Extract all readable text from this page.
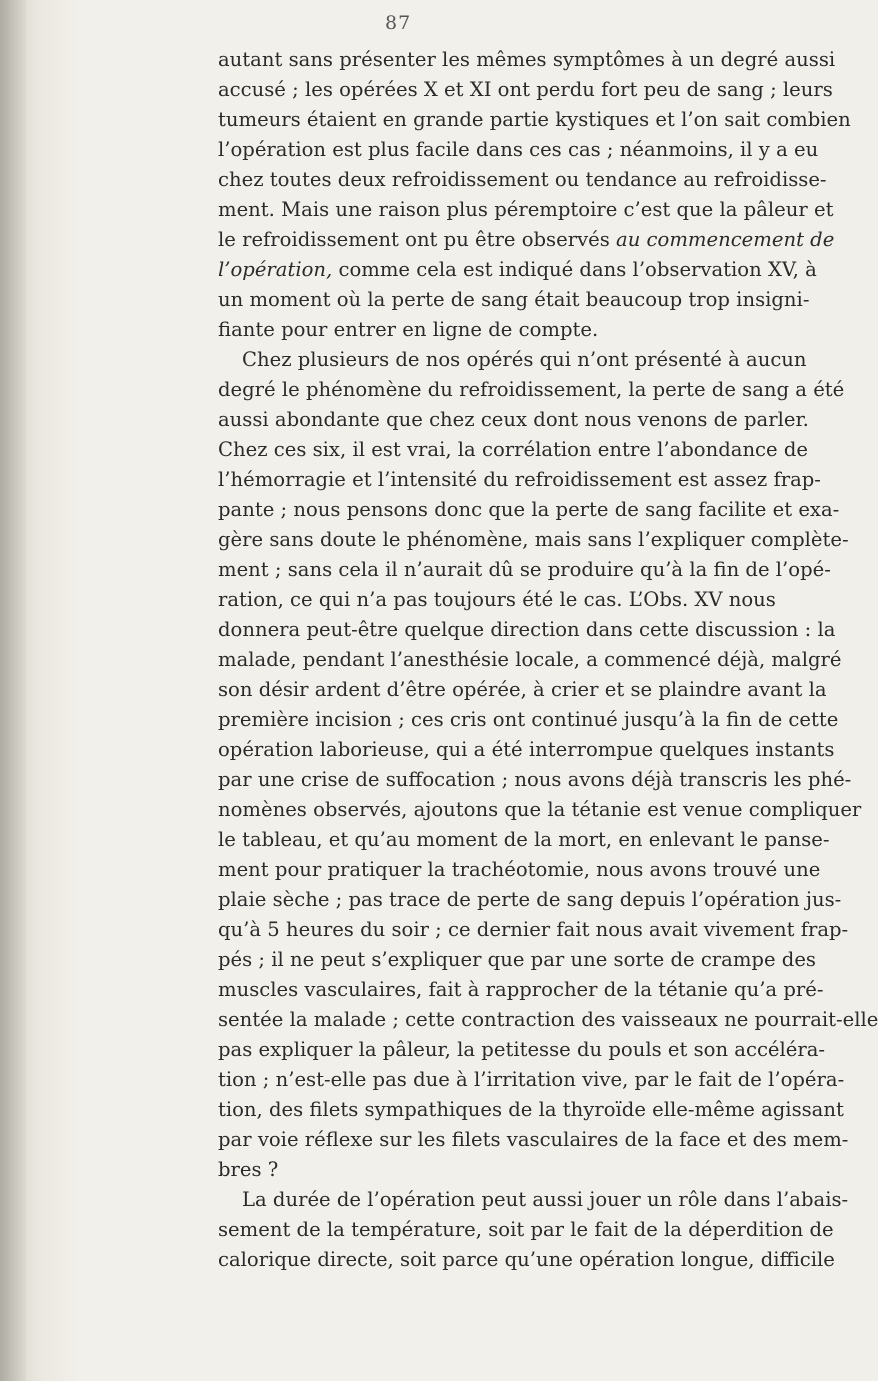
87
autant sans présenter les mêmes symptômes à un degré aussi
accusé ; les opérées X et XI ont perdu fort peu de sang ; leurs
tumeurs étaient en grande partie kystiques et l’on sait combien
l’opération est plus facile dans ces cas ; néanmoins, il y a eu
chez toutes deux refroidissement ou tendance au refroidisse-
ment. Mais une raison plus péremptoire c’est que la pâleur et
le refroidissement ont pu être observés au commencement de
l’opération, comme cela est indiqué dans l’observation XV, à
un moment où la perte de sang était beaucoup trop insigni-
fiante pour entrer en ligne de compte.
Chez plusieurs de nos opérés qui n’ont présenté à aucun
degré le phénomène du refroidissement, la perte de sang a été
aussi abondante que chez ceux dont nous venons de parler.
Chez ces six, il est vrai, la corrélation entre l’abondance de
l’hémorragie et l’intensité du refroidissement est assez frap-
pante ; nous pensons donc que la perte de sang facilite et exa-
gère sans doute le phénomène, mais sans l’expliquer complète-
ment ; sans cela il n’aurait dû se produire qu’à la fin de l’opé-
ration, ce qui n’a pas toujours été le cas. L’Obs. XV nous
donnera peut-être quelque direction dans cette discussion : la
malade, pendant l’anesthésie locale, a commencé déjà, malgré
son désir ardent d’être opérée, à crier et se plaindre avant la
première incision ; ces cris ont continué jusqu’à la fin de cette
opération laborieuse, qui a été interrompue quelques instants
par une crise de suffocation ; nous avons déjà transcris les phé-
nomènes observés, ajoutons que la tétanie est venue compliquer
le tableau, et qu’au moment de la mort, en enlevant le panse-
ment pour pratiquer la trachéotomie, nous avons trouvé une
plaie sèche ; pas trace de perte de sang depuis l’opération jus-
qu’à 5 heures du soir ; ce dernier fait nous avait vivement frap-
pés ; il ne peut s’expliquer que par une sorte de crampe des
muscles vasculaires, fait à rapprocher de la tétanie qu’a pré-
sentée la malade ; cette contraction des vaisseaux ne pourrait-elle
pas expliquer la pâleur, la petitesse du pouls et son accéléra-
tion ; n’est-elle pas due à l’irritation vive, par le fait de l’opéra-
tion, des filets sympathiques de la thyroïde elle-même agissant
par voie réflexe sur les filets vasculaires de la face et des mem-
bres ?
La durée de l’opération peut aussi jouer un rôle dans l’abais-
sement de la température, soit par le fait de la déperdition de
calorique directe, soit parce qu’une opération longue, difficile
